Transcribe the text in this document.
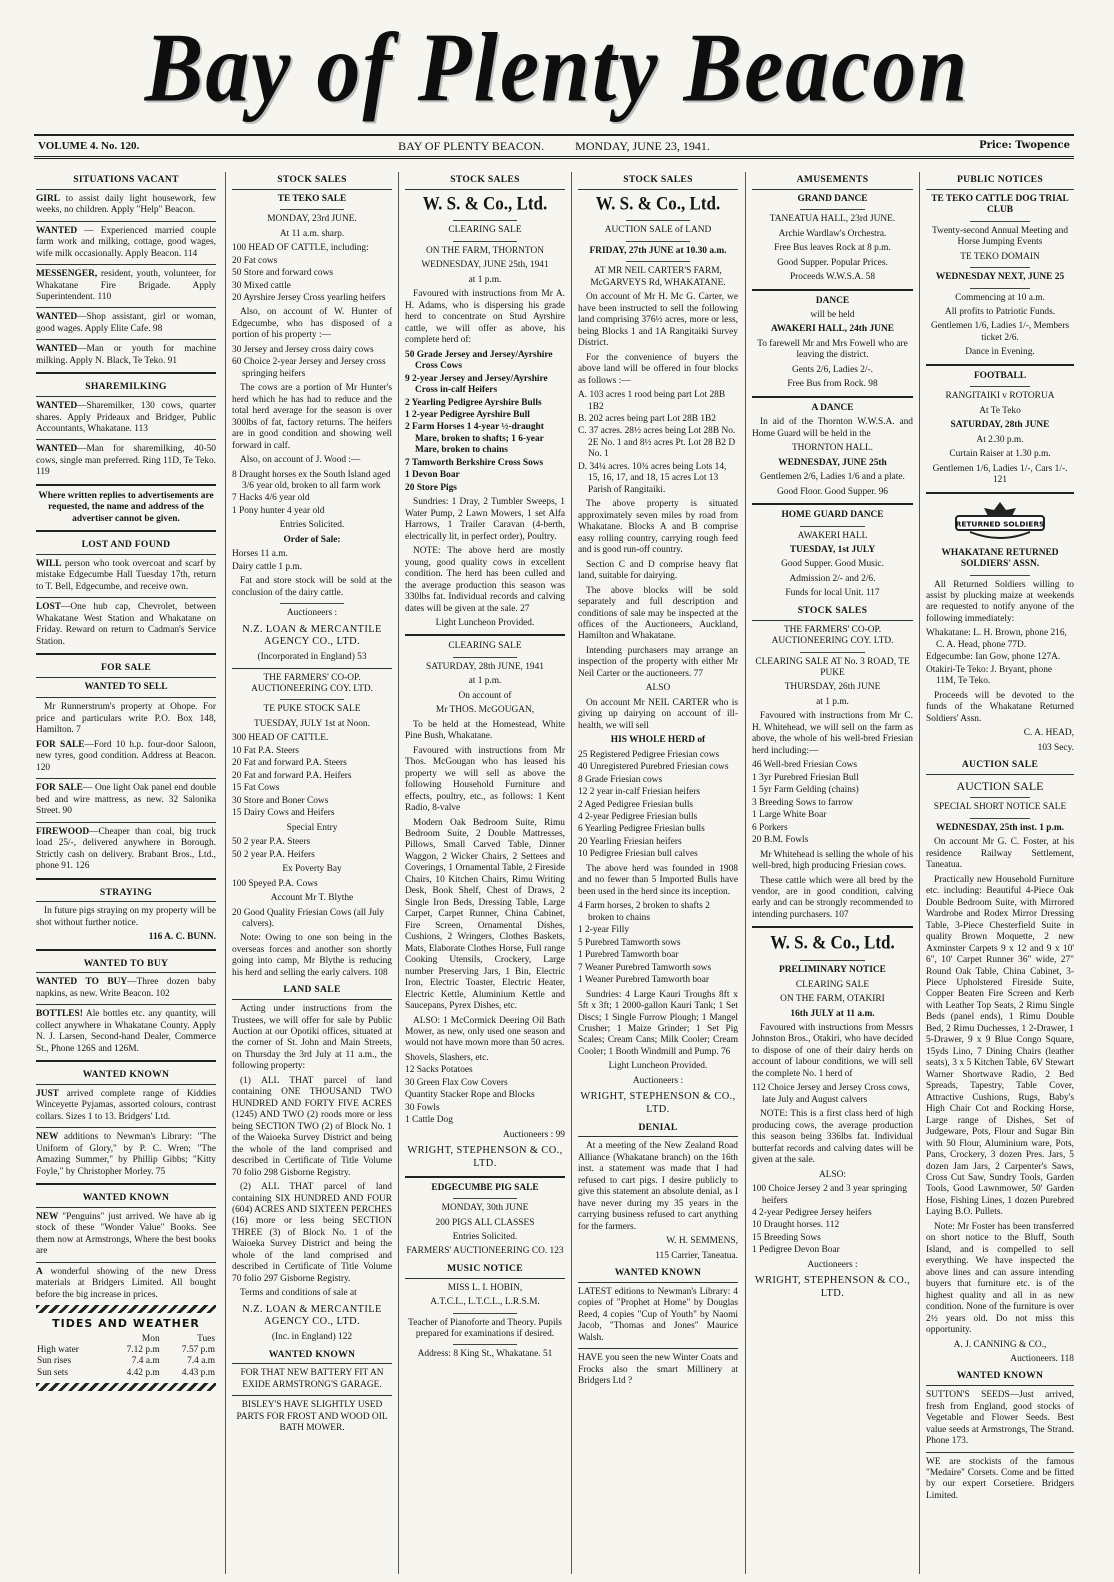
Bay of Plenty Beacon
VOLUME 4. No. 120.	BAY OF PLENTY BEACON.	MONDAY, JUNE 23, 1941.	Price: Twopence
SITUATIONS VACANT

GIRL to assist daily light housework, few weeks, no children. Apply "Help" Beacon.

WANTED — Experienced married couple farm work and milking, cottage, good wages, wife milk occasionally. Apply Beacon. 114

MESSENGER, resident, youth, volunteer, for Whakatane Fire Brigade. Apply Superintendent. 110

WANTED—Shop assistant, girl or woman, good wages. Apply Elite Cafe. 98

WANTED—Man or youth for machine milking. Apply N. Black, Te Teko. 91

SHAREMILKING

WANTED—Sharemilker, 130 cows, quarter shares. Apply Prideaux and Bridger, Public Accountants, Whakatane. 113

WANTED—Man for sharemilking, 40-50 cows, single man preferred. Ring 11D, Te Teko. 119

Where written replies to advertisements are requested, the name and address of the advertiser cannot be given.

LOST AND FOUND

WILL person who took overcoat and scarf by mistake Edgecumbe Hall Tuesday 17th, return to T. Bell, Edgecumbe, and receive own.

LOST—One hub cap, Chevrolet, between Whakatane West Station and Whakatane on Friday. Reward on return to Cadman's Service Station.

FOR SALE
WANTED TO SELL

Mr Runnerstrum's property at Ohope. For price and particulars write P.O. Box 148, Hamilton. 7

FOR SALE—Ford 10 h.p. four-door Saloon, new tyres, good condition. Address at Beacon. 120

FOR SALE— One light Oak panel end double bed and wire mattress, as new. 32 Salonika Street. 90

FIREWOOD—Cheaper than coal, big truck load 25/-, delivered anywhere in Borough. Strictly cash on delivery. Brabant Bros., Ltd., phone 91. 126

STRAYING

In future pigs straying on my property will be shot without further notice.

116 A. C. BUNN.

WANTED TO BUY

WANTED TO BUY—Three dozen baby napkins, as new. Write Beacon. 102

BOTTLES! Ale bottles etc. any quantity, will collect anywhere in Whakatane County. Apply N. J. Larsen, Second-hand Dealer, Commerce St., Phone 126S and 126M.

WANTED KNOWN

JUST arrived complete range of Kiddies Winceyette Pyjamas, assorted colours, contrast collars. Sizes 1 to 13. Bridgers' Ltd.

NEW additions to Newman's Library: "The Uniform of Glory," by P. C. Wren; "The Amazing Summer," by Phillip Gibbs; "Kitty Foyle," by Christopher Morley. 75

WANTED KNOWN

NEW "Penguins" just arrived. We have ab ig stock of these "Wonder Value" Books. See them now at Armstrongs, Where the best books are

A wonderful showing of the new Dress materials at Bridgers Limited. All bought before the big increase in prices.

TIDES AND WEATHER
	Mon	Tues
High water	7.12 p.m	7.57 p.m
Sun rises	7.4 a.m	7.4 a.m
Sun sets	4.42 p.m	4.43 p.m
STOCK SALES

TE TEKO SALE

MONDAY, 23rd JUNE.

At 11 a.m. sharp.

100 HEAD OF CATTLE, including:
20 Fat cows
50 Store and forward cows
30 Mixed cattle
20 Ayrshire Jersey Cross yearling heifers

Also, on account of W. Hunter of Edgecumbe, who has disposed of a portion of his property :—

30 Jersey and Jersey cross dairy cows
60 Choice 2-year Jersey and Jersey cross springing heifers

The cows are a portion of Mr Hunter's herd which he has had to reduce and the total herd average for the season is over 300lbs of fat, factory returns. The heifers are in good condition and showing well forward in calf.

Also, on account of J. Wood :—

8 Draught horses ex the South Island aged 3/6 year old, broken to all farm work
7 Hacks 4/6 year old
1 Pony hunter 4 year old

Entries Solicited.

Order of Sale:

Horses 11 a.m.
Dairy cattle 1 p.m.

Fat and store stock will be sold at the conclusion of the dairy cattle.

Auctioneers :

N.Z. LOAN & MERCANTILE AGENCY CO., LTD.

(Incorporated in England) 53

THE FARMERS' CO-OP. AUCTIONEERING COY. LTD.

TE PUKE STOCK SALE

TUESDAY, JULY 1st at Noon.

300 HEAD OF CATTLE.
10 Fat P.A. Steers
20 Fat and forward P.A. Steers
20 Fat and forward P.A. Heifers
15 Fat Cows
30 Store and Boner Cows
15 Dairy Cows and Heifers

Special Entry

50 2 year P.A. Steers
50 2 year P.A. Heifers

Ex Poverty Bay

100 Speyed P.A. Cows

Account Mr T. Blythe

20 Good Quality Friesian Cows (all July calvers).

Note: Owing to one son being in the overseas forces and another son shortly going into camp, Mr Blythe is reducing his herd and selling the early calvers. 108

LAND SALE

Acting under instructions from the Trustees, we will offer for sale by Public Auction at our Opotiki offices, situated at the corner of St. John and Main Streets, on Thursday the 3rd July at 11 a.m., the following property:

(1) ALL THAT parcel of land containing ONE THOUSAND TWO HUNDRED AND FORTY FIVE ACRES (1245) AND TWO (2) roods more or less being SECTION TWO (2) of Block No. 1 of the Waioeka Survey District and being the whole of the land comprised and described in Certificate of Title Volume 70 folio 298 Gisborne Registry.

(2) ALL THAT parcel of land containing SIX HUNDRED AND FOUR (604) ACRES AND SIXTEEN PERCHES (16) more or less being SECTION THREE (3) of Block No. 1 of the Waioeka Survey District and being the whole of the land comprised and described in Certificate of Title Volume 70 folio 297 Gisborne Registry.

Terms and conditions of sale at

N.Z. LOAN & MERCANTILE AGENCY CO., LTD.

(Inc. in England) 122

WANTED KNOWN

FOR THAT NEW BATTERY FIT AN EXIDE ARMSTRONG'S GARAGE.

BISLEY'S HAVE SLIGHTLY USED PARTS FOR FROST AND WOOD OIL BATH MOWER.

STOCK SALES
W. S. & Co., Ltd.

CLEARING SALE

ON THE FARM, THORNTON

WEDNESDAY, JUNE 25th, 1941

at 1 p.m.

Favoured with instructions from Mr A. H. Adams, who is dispersing his grade herd to concentrate on Stud Ayrshire cattle, we will offer as above, his complete herd of:

50 Grade Jersey and Jersey/Ayrshire Cross Cows
9 2-year Jersey and Jersey/Ayrshire Cross in-calf Heifers
2 Yearling Pedigree Ayrshire Bulls
1 2-year Pedigree Ayrshire Bull
2 Farm Horses 1 4-year ½-draught Mare, broken to shafts; 1 6-year Mare, broken to chains
7 Tamworth Berkshire Cross Sows
1 Devon Boar
20 Store Pigs

Sundries: 1 Dray, 2 Tumbler Sweeps, 1 Water Pump, 2 Lawn Mowers, 1 set Alfa Harrows, 1 Trailer Caravan (4-berth, electrically lit, in perfect order), Poultry.

NOTE: The above herd are mostly young, good quality cows in excellent condition. The herd has been culled and the average production this season was 330lbs fat. Individual records and calving dates will be given at the sale. 27

Light Luncheon Provided.

CLEARING SALE

SATURDAY, 28th JUNE, 1941

at 1 p.m.

On account of

Mr THOS. McGOUGAN,

To be held at the Homestead, White Pine Bush, Whakatane.

Favoured with instructions from Mr Thos. McGougan who has leased his property we will sell as above the following Household Furniture and effects, poultry, etc., as follows: 1 Kent Radio, 8-valve

Modern Oak Bedroom Suite, Rimu Bedroom Suite, 2 Double Mattresses, Pillows, Small Carved Table, Dinner Waggon, 2 Wicker Chairs, 2 Settees and Coverings, 1 Ornamental Table, 2 Fireside Chairs, 10 Kitchen Chairs, Rimu Writing Desk, Book Shelf, Chest of Draws, 2 Single Iron Beds, Dressing Table, Large Carpet, Carpet Runner, China Cabinet, Fire Screen, Ornamental Dishes, Cushions, 2 Wringers, Clothes Baskets, Mats, Elaborate Clothes Horse, Full range Cooking Utensils, Crockery, Large number Preserving Jars, 1 Bin, Electric Iron, Electric Toaster, Electric Heater, Electric Kettle, Aluminium Kettle and Saucepans, Pyrex Dishes, etc.

ALSO: 1 McCormick Deering Oil Bath Mower, as new, only used one season and would not have mown more than 50 acres.

Shovels, Slashers, etc.
12 Sacks Potatoes
30 Green Flax Cow Covers
Quantity Stacker Rope and Blocks
30 Fowls
1 Cattle Dog

Auctioneers : 99

WRIGHT, STEPHENSON & CO., LTD.

EDGECUMBE PIG SALE

MONDAY, 30th JUNE

200 PIGS ALL CLASSES

Entries Solicited.

FARMERS' AUCTIONEERING CO. 123

MUSIC NOTICE

MISS L. I. HOBIN,

A.T.C.L., L.T.C.L., L.R.S.M.

Teacher of Pianoforte and Theory. Pupils prepared for examinations if desired.

Address: 8 King St., Whakatane. 51

STOCK SALES
W. S. & Co., Ltd.

AUCTION SALE of LAND

FRIDAY, 27th JUNE at 10.30 a.m.

AT MR NEIL CARTER'S FARM, McGARVEYS Rd, WHAKATANE.

On account of Mr H. Mc G. Carter, we have been instructed to sell the following land comprising 376½ acres, more or less, being Blocks 1 and 1A Rangitaiki Survey District.

For the convenience of buyers the above land will be offered in four blocks as follows :—

A. 103 acres 1 rood being part Lot 28B 1B2
B. 202 acres being part Lot 28B 1B2
C. 37 acres. 28½ acres being Lot 28B No. 2E No. 1 and 8½ acres Pt. Lot 28 B2 D No. 1
D. 34¼ acres. 10¾ acres being Lots 14, 15, 16, 17, and 18, 15 acres Lot 13 Parish of Rangitaiki.

The above property is situated approximately seven miles by road from Whakatane. Blocks A and B comprise easy rolling country, carrying rough feed and is good run-off country.

Section C and D comprise heavy flat land, suitable for dairying.

The above blocks will be sold separately and full description and conditions of sale may be inspected at the offices of the Auctioneers, Auckland, Hamilton and Whakatane.

Intending purchasers may arrange an inspection of the property with either Mr Neil Carter or the auctioneers. 77

ALSO

On account Mr NEIL CARTER who is giving up dairying on account of ill-health, we will sell

HIS WHOLE HERD of

25 Registered Pedigree Friesian cows
40 Unregistered Purebred Friesian cows
8 Grade Friesian cows
12 2 year in-calf Friesian heifers
2 Aged Pedigree Friesian bulls
4 2-year Pedigree Friesian bulls
6 Yearling Pedigree Friesian bulls
20 Yearling Friesian heifers
10 Pedigree Friesian bull calves

The above herd was founded in 1908 and no fewer than 5 Imported Bulls have been used in the herd since its inception.

4 Farm horses, 2 broken to shafts 2 broken to chains
1 2-year Filly
5 Purebred Tamworth sows
1 Purebred Tamworth boar
7 Weaner Purebred Tamworth sows
1 Weaner Purebred Tamworth boar

Sundries: 4 Large Kauri Troughs 8ft x 5ft x 3ft; 1 2000-gallon Kauri Tank; 1 Set Discs; 1 Single Furrow Plough; 1 Mangel Crusher; 1 Maize Grinder; 1 Set Pig Scales; Cream Cans; Milk Cooler; Cream Cooler; 1 Booth Windmill and Pump. 76

Light Luncheon Provided.

Auctioneers :

WRIGHT, STEPHENSON & CO., LTD.

DENIAL

At a meeting of the New Zealand Road Alliance (Whakatane branch) on the 16th inst. a statement was made that I had refused to cart pigs. I desire publicly to give this statement an absolute denial, as I have never during my 35 years in the carrying business refused to cart anything for the farmers.

W. H. SEMMENS,

115 Carrier, Taneatua.

WANTED KNOWN

LATEST editions to Newman's Library: 4 copies of "Prophet at Home" by Douglas Reed, 4 copies "Cup of Youth" by Naomi Jacob, "Thomas and Jones" Maurice Walsh.

HAVE you seen the new Winter Coats and Frocks also the smart Millinery at Bridgers Ltd ?

AMUSEMENTS

GRAND DANCE

TANEATUA HALL, 23rd JUNE.

Archie Wardlaw's Orchestra.

Free Bus leaves Rock at 8 p.m.

Good Supper. Popular Prices.

Proceeds W.W.S.A. 58

DANCE

will be held

AWAKERI HALL, 24th JUNE

To farewell Mr and Mrs Fowell who are leaving the district.

Gents 2/6, Ladies 2/-.

Free Bus from Rock. 98

A DANCE

In aid of the Thornton W.W.S.A. and Home Guard will be held in the

THORNTON HALL.

WEDNESDAY, JUNE 25th

Gentlemen 2/6, Ladies 1/6 and a plate.

Good Floor. Good Supper. 96

HOME GUARD DANCE

AWAKERI HALL

TUESDAY, 1st JULY

Good Supper. Good Music.

Admission 2/- and 2/6.

Funds for local Unit. 117

STOCK SALES

THE FARMERS' CO-OP. AUCTIONEERING COY. LTD.

CLEARING SALE AT No. 3 ROAD, TE PUKE

THURSDAY, 26th JUNE

at 1 p.m.

Favoured with instructions from Mr C. H. Whitehead, we will sell on the farm as above, the whole of his well-bred Friesian herd including:—

46 Well-bred Friesian Cows
1 3yr Purebred Friesian Bull
1 5yr Farm Gelding (chains)
3 Breeding Sows to farrow
1 Large White Boar
6 Porkers
20 B.M. Fowls

Mr Whitehead is selling the whole of his well-bred, high producing Friesian cows.

These cattle which were all bred by the vendor, are in good condition, calving early and can be strongly recommended to intending purchasers. 107

W. S. & Co., Ltd.

PRELIMINARY NOTICE

CLEARING SALE

ON THE FARM, OTAKIRI

16th JULY at 11 a.m.

Favoured with instructions from Messrs Johnston Bros., Otakiri, who have decided to dispose of one of their dairy herds on account of labour conditions, we will sell the complete No. 1 herd of

112 Choice Jersey and Jersey Cross cows, late July and August calvers

NOTE: This is a first class herd of high producing cows, the average production this season being 336lbs fat. Individual butterfat records and calving dates will be given at the sale.

ALSO:

100 Choice Jersey 2 and 3 year springing heifers
4 2-year Pedigree Jersey heifers
10 Draught horses. 112
15 Breeding Sows
1 Pedigree Devon Boar

Auctioneers :

WRIGHT, STEPHENSON & CO., LTD.

PUBLIC NOTICES

TE TEKO CATTLE DOG TRIAL CLUB

Twenty-second Annual Meeting and Horse Jumping Events

TE TEKO DOMAIN

WEDNESDAY NEXT, JUNE 25

Commencing at 10 a.m.

All profits to Patriotic Funds.

Gentlemen 1/6, Ladies 1/-, Members ticket 2/6.

Dance in Evening.

FOOTBALL

RANGITAIKI v ROTORUA

At Te Teko

SATURDAY, 28th JUNE

At 2.30 p.m.

Curtain Raiser at 1.30 p.m.

Gentlemen 1/6, Ladies 1/-, Cars 1/-. 121

RETURNED SOLDIERS

WHAKATANE RETURNED SOLDIERS' ASSN.

All Returned Soldiers willing to assist by plucking maize at weekends are requested to notify anyone of the following immediately:

Whakatane: L. H. Brown, phone 216, C. A. Head, phone 77D.
Edgecumbe: Ian Gow, phone 127A.
Otakiri-Te Teko: J. Bryant, phone 11M, Te Teko.

Proceeds will be devoted to the funds of the Whakatane Returned Soldiers' Assn.

C. A. HEAD,

103 Secy.

AUCTION SALE

AUCTION SALE

SPECIAL SHORT NOTICE SALE

WEDNESDAY, 25th inst. 1 p.m.

On account Mr G. C. Foster, at his residence Railway Settlement, Taneatua.

Practically new Household Furniture etc. including: Beautiful 4-Piece Oak Double Bedroom Suite, with Mirrored Wardrobe and Rodex Mirror Dressing Table, 3-Piece Chesterfield Suite in quality Brown Moquette, 2 new Axminster Carpets 9 x 12 and 9 x 10' 6", 10' Carpet Runner 36" wide, 27" Round Oak Table, China Cabinet, 3-Piece Upholstered Fireside Suite, Copper Beaten Fire Screen and Kerb with Leather Top Seats, 2 Rimu Single Beds (panel ends), 1 Rimu Double Bed, 2 Rimu Duchesses, 1 2-Drawer, 1 5-Drawer, 9 x 9 Blue Congo Square, 15yds Lino, 7 Dining Chairs (leather seats), 3 x 5 Kitchen Table, 6V Stewart Warner Shortwave Radio, 2 Bed Spreads, Tapestry, Table Cover, Attractive Cushions, Rugs, Baby's High Chair Cot and Rocking Horse, Large range of Dishes, Set of Judgeware, Pots, Flour and Sugar Bin with 50 Flour, Aluminium ware, Pots, Pans, Crockery, 3 dozen Pres. Jars, 5 dozen Jam Jars, 2 Carpenter's Saws, Cross Cut Saw, Sundry Tools, Garden Tools, Good Lawnmower, 50' Garden Hose, Fishing Lines, 1 dozen Purebred Laying B.O. Pullets.

Note: Mr Foster has been transferred on short notice to the Bluff, South Island, and is compelled to sell everything. We have inspected the above lines and can assure intending buyers that furniture etc. is of the highest quality and all in as new condition. None of the furniture is over 2½ years old. Do not miss this opportunity.

A. J. CANNING & CO.,

Auctioneers. 118

WANTED KNOWN

SUTTON'S SEEDS—Just arrived, fresh from England, good stocks of Vegetable and Flower Seeds. Best value seeds at Armstrongs, The Strand. Phone 173.

WE are stockists of the famous "Medaire" Corsets. Come and be fitted by our expert Corsetiere. Bridgers Limited.
